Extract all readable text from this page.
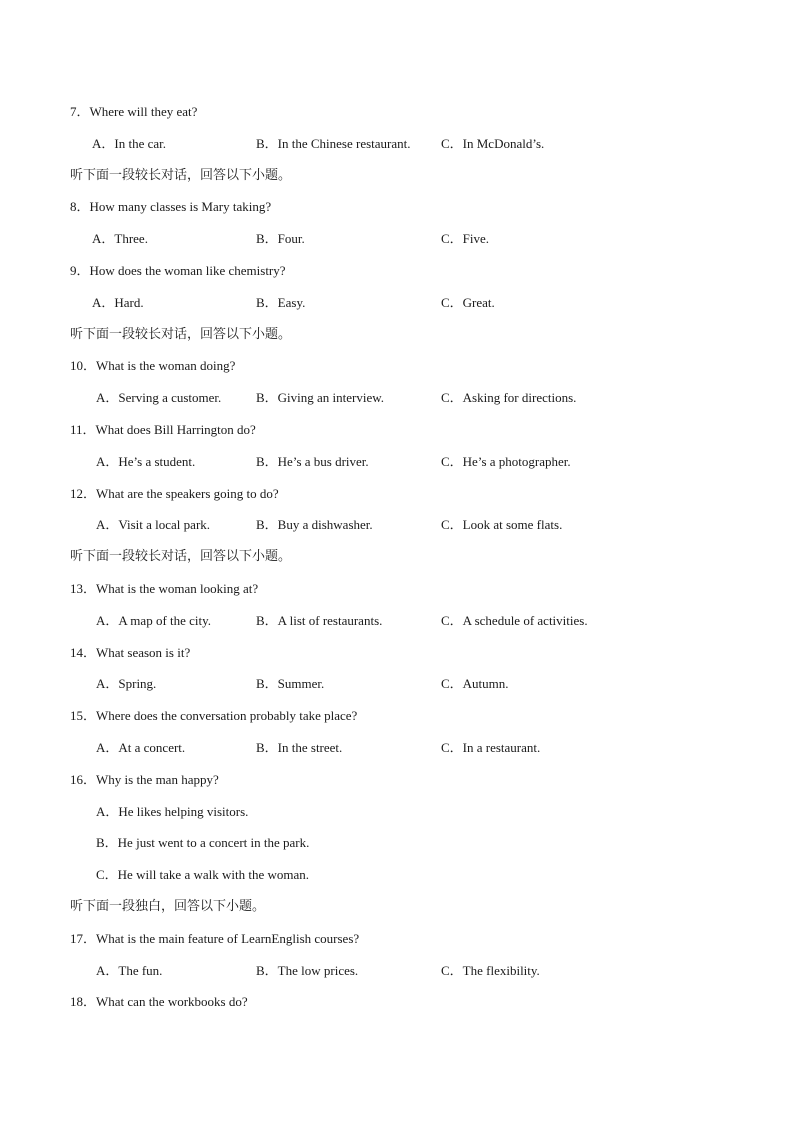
7．Where will they eat?
A．In the car.	B．In the Chinese restaurant. C．In McDonald’s.
听下面一段较长对话，回答以下小题。
8．How many classes is Mary taking?
A．Three.	B．Four.	C．Five.
9．How does the woman like chemistry?
A．Hard.	B．Easy.	C．Great.
听下面一段较长对话，回答以下小题。
10．What is the woman doing?
A．Serving a customer.	B．Giving an interview.	C．Asking for directions.
11．What does Bill Harrington do?
A．He’s a student.	B．He’s a bus driver.	C．He’s a photographer.
12．What are the speakers going to do?
A．Visit a local park.	B．Buy a dishwasher.	C．Look at some flats.
听下面一段较长对话，回答以下小题。
13．What is the woman looking at?
A．A map of the city.	B．A list of restaurants.	C．A schedule of activities.
14．What season is it?
A．Spring.	B．Summer.	C．Autumn.
15．Where does the conversation probably take place?
A．At a concert.	B．In the street.	C．In a restaurant.
16．Why is the man happy?
A．He likes helping visitors.
B．He just went to a concert in the park.
C．He will take a walk with the woman.
听下面一段独白，回答以下小题。
17．What is the main feature of LearnEnglish courses?
A．The fun.	B．The low prices.	C．The flexibility.
18．What can the workbooks do?
